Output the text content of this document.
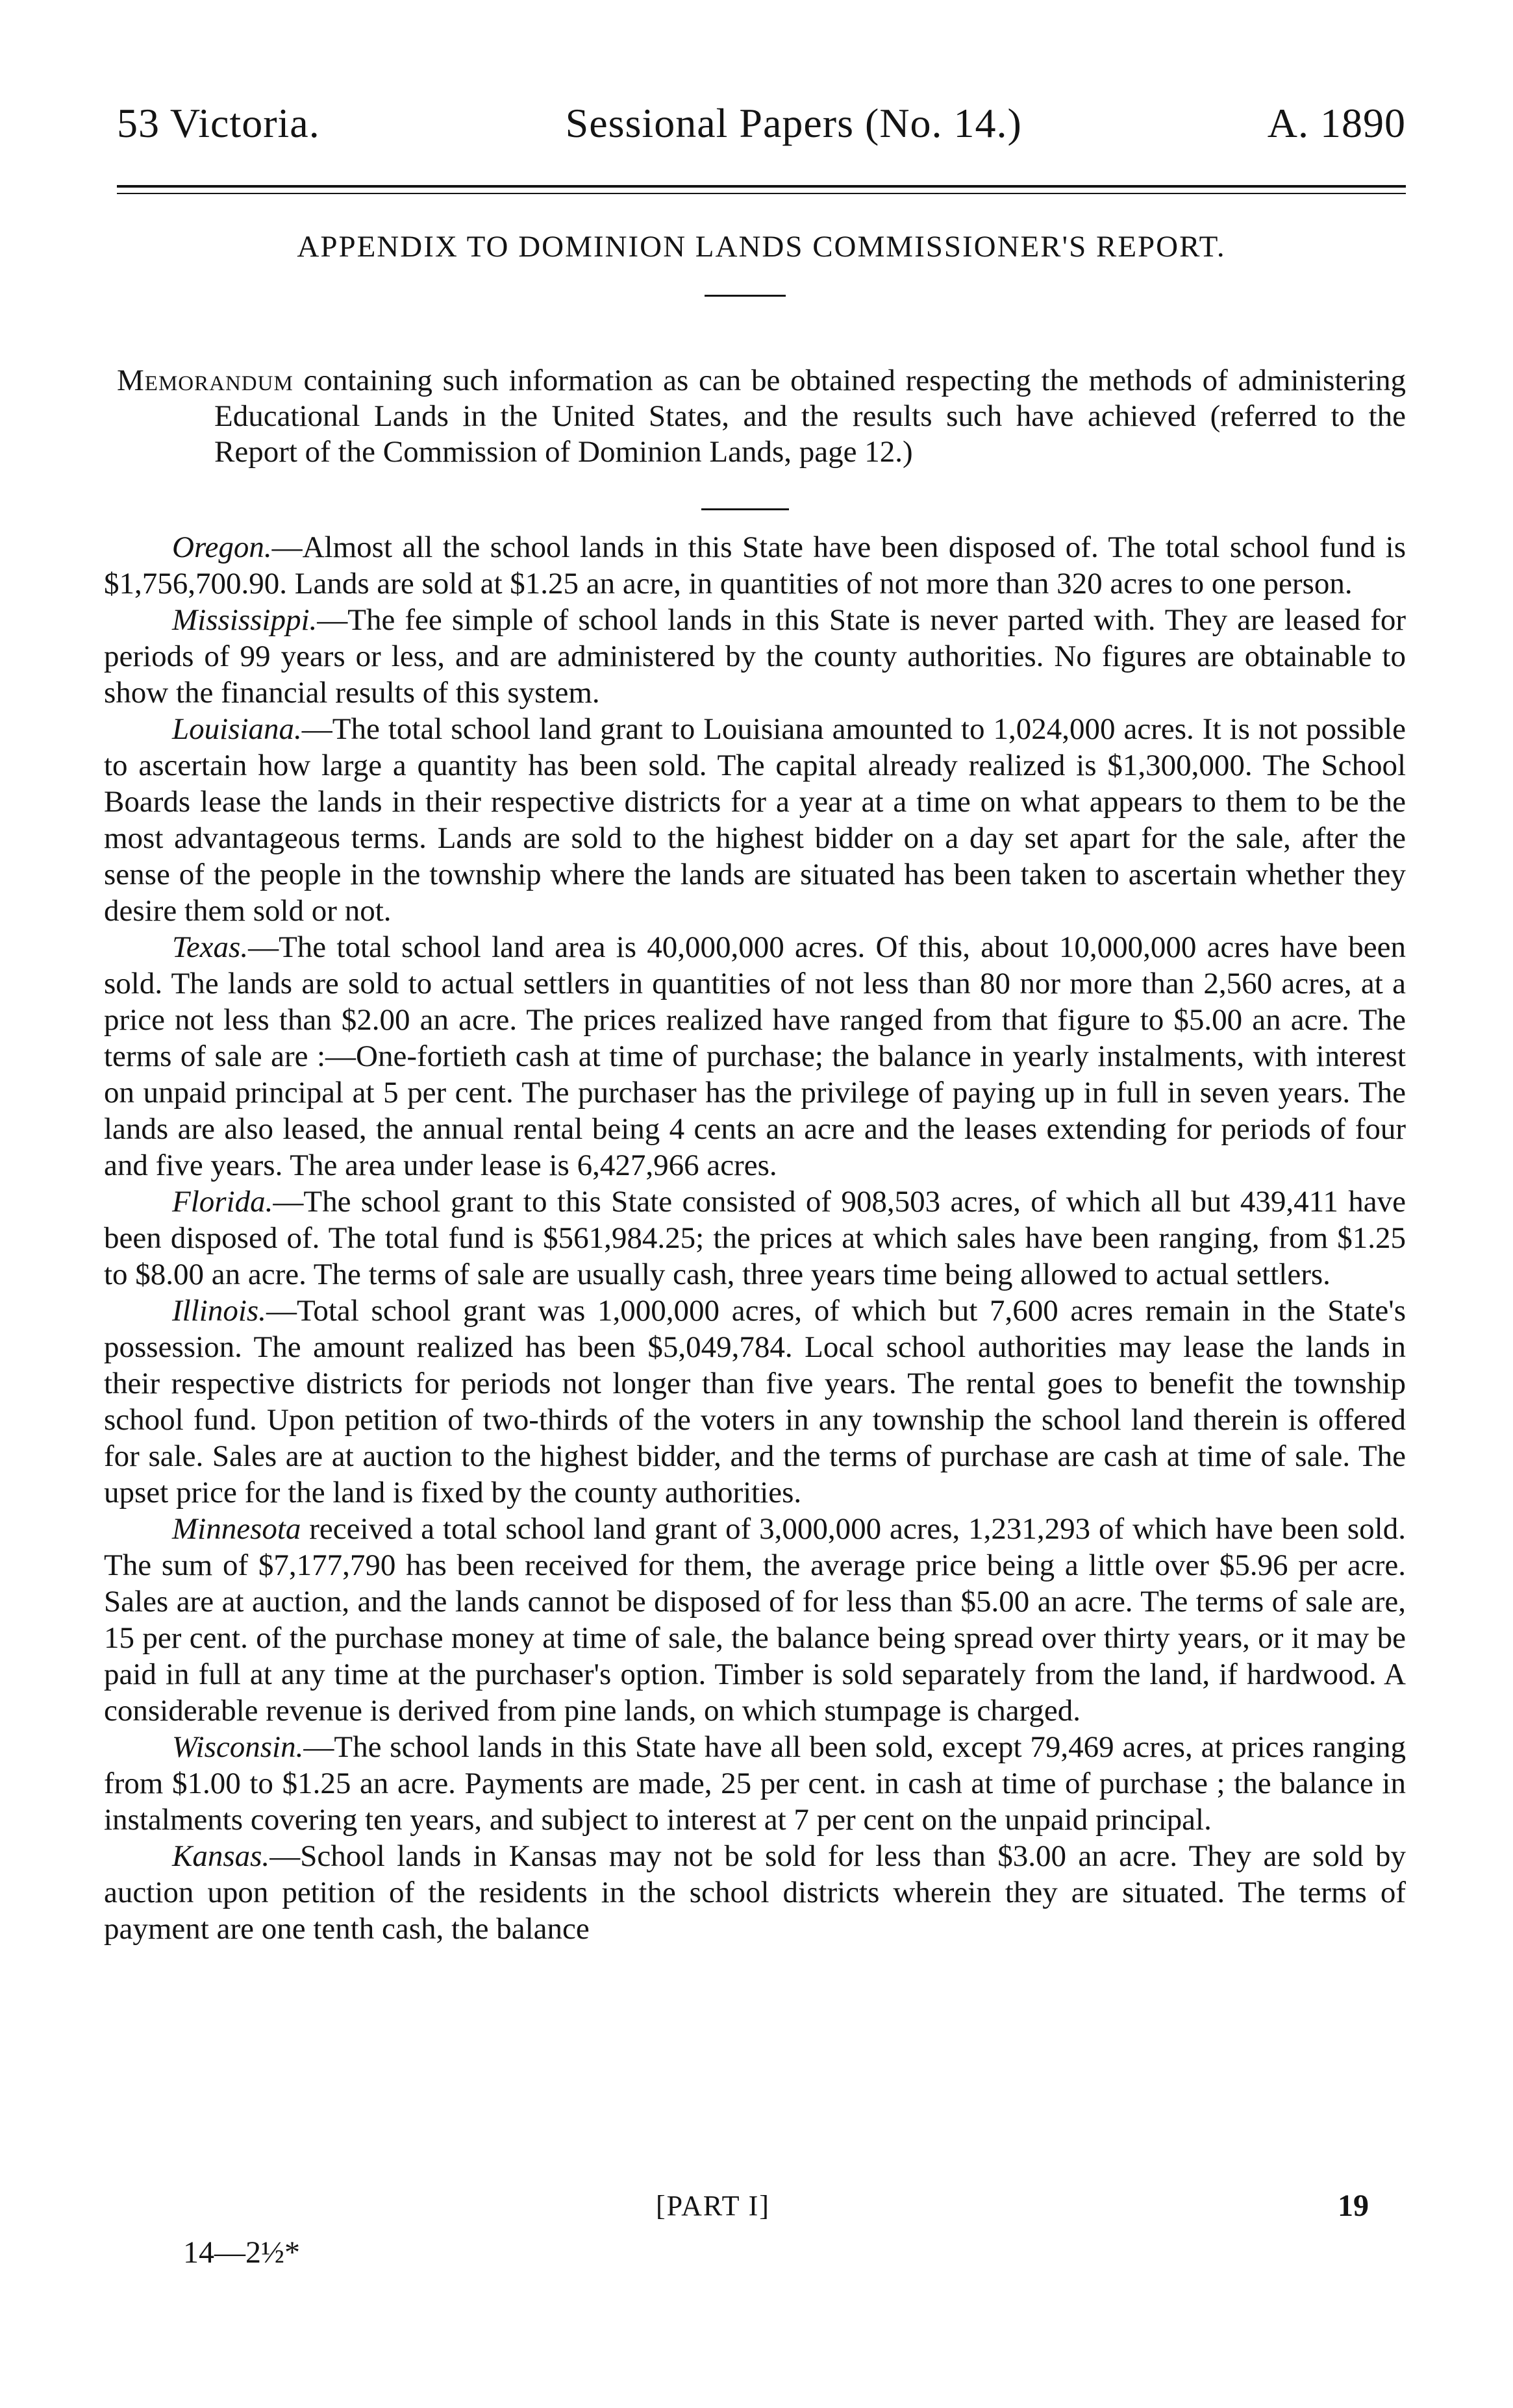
53 Victoria.	Sessional Papers (No. 14.)	A. 1890
APPENDIX TO DOMINION LANDS COMMISSIONER'S REPORT.

Memorandum containing such information as can be obtained respecting the methods of administering Educational Lands in the United States, and the results such have achieved (referred to the Report of the Commission of Dominion Lands, page 12.)

Oregon.—Almost all the school lands in this State have been disposed of. The total school fund is $1,756,700.90. Lands are sold at $1.25 an acre, in quantities of not more than 320 acres to one person.

Mississippi.—The fee simple of school lands in this State is never parted with. They are leased for periods of 99 years or less, and are administered by the county authorities. No figures are obtainable to show the financial results of this system.

Louisiana.—The total school land grant to Louisiana amounted to 1,024,000 acres. It is not possible to ascertain how large a quantity has been sold. The capital already realized is $1,300,000. The School Boards lease the lands in their respective districts for a year at a time on what appears to them to be the most advantageous terms. Lands are sold to the highest bidder on a day set apart for the sale, after the sense of the people in the township where the lands are situated has been taken to ascertain whether they desire them sold or not.

Texas.—The total school land area is 40,000,000 acres. Of this, about 10,000,000 acres have been sold. The lands are sold to actual settlers in quantities of not less than 80 nor more than 2,560 acres, at a price not less than $2.00 an acre. The prices realized have ranged from that figure to $5.00 an acre. The terms of sale are :—One-fortieth cash at time of purchase; the balance in yearly instalments, with interest on unpaid principal at 5 per cent. The purchaser has the privilege of paying up in full in seven years. The lands are also leased, the annual rental being 4 cents an acre and the leases extending for periods of four and five years. The area under lease is 6,427,966 acres.

Florida.—The school grant to this State consisted of 908,503 acres, of which all but 439,411 have been disposed of. The total fund is $561,984.25; the prices at which sales have been ranging, from $1.25 to $8.00 an acre. The terms of sale are usually cash, three years time being allowed to actual settlers.

Illinois.—Total school grant was 1,000,000 acres, of which but 7,600 acres remain in the State's possession. The amount realized has been $5,049,784. Local school authorities may lease the lands in their respective districts for periods not longer than five years. The rental goes to benefit the township school fund. Upon petition of two-thirds of the voters in any township the school land therein is offered for sale. Sales are at auction to the highest bidder, and the terms of purchase are cash at time of sale. The upset price for the land is fixed by the county authorities.

Minnesota received a total school land grant of 3,000,000 acres, 1,231,293 of which have been sold. The sum of $7,177,790 has been received for them, the average price being a little over $5.96 per acre. Sales are at auction, and the lands cannot be disposed of for less than $5.00 an acre. The terms of sale are, 15 per cent. of the purchase money at time of sale, the balance being spread over thirty years, or it may be paid in full at any time at the purchaser's option. Timber is sold separately from the land, if hardwood. A considerable revenue is derived from pine lands, on which stumpage is charged.

Wisconsin.—The school lands in this State have all been sold, except 79,469 acres, at prices ranging from $1.00 to $1.25 an acre. Payments are made, 25 per cent. in cash at time of purchase ; the balance in instalments covering ten years, and subject to interest at 7 per cent on the unpaid principal.

Kansas.—School lands in Kansas may not be sold for less than $3.00 an acre. They are sold by auction upon petition of the residents in the school districts wherein they are situated. The terms of payment are one tenth cash, the balance

[PART I]	19
14—2½*
